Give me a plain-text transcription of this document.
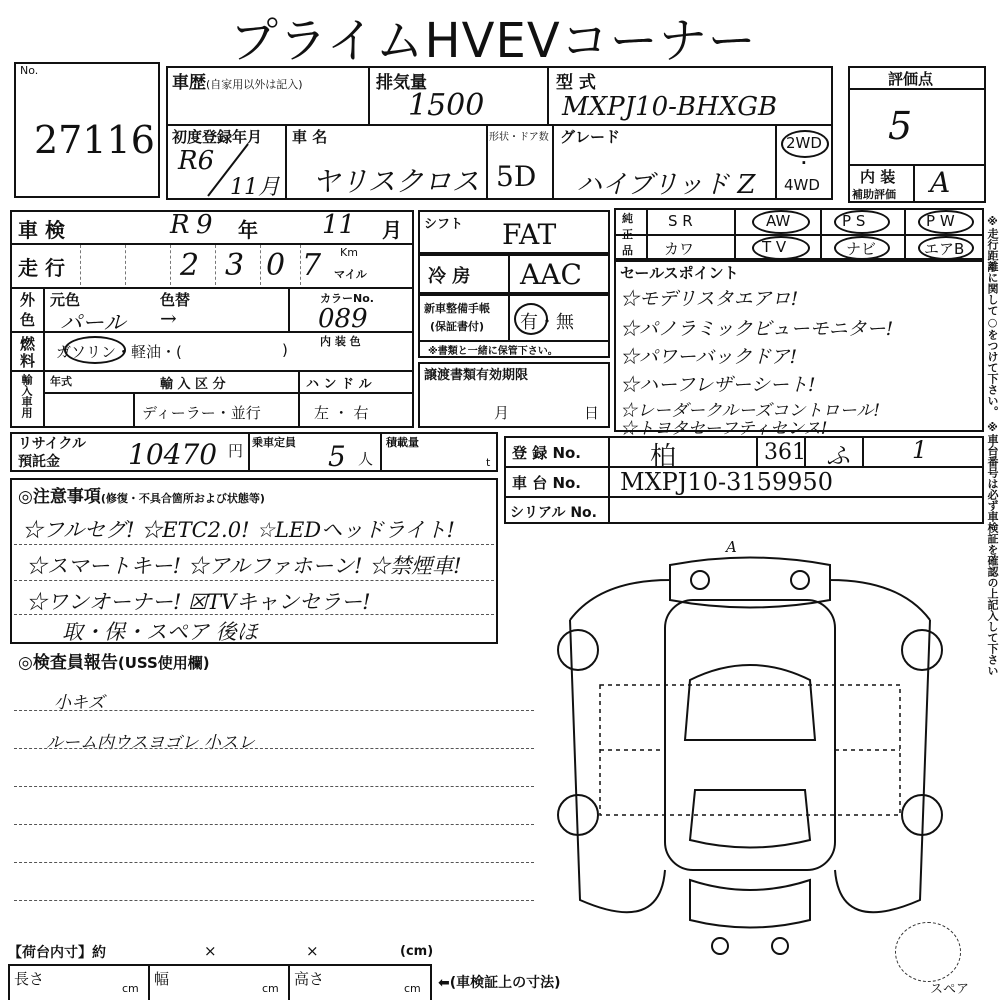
プライムHVEVコーナー
No.
27116
車歴(自家用以外は記入)	排気量
1500
型 式
MXPJ10-BHXGB
初度登録年月
R6
11月
車 名
ヤリスクロス
形状・ドア数
5D
グレード
ハイブリッド Z
2WD
·
4WD
評価点
5
内 装
補助評価 A
車 検	R 9 年 11 月
走 行	2 3 0 7 Km
マイル
外
色
元色	色替
パール →
カラーNo.
089
燃
料 ガソリン・軽油・(	)	内 装 色
輸入車用 年式	輸 入 区 分
ディーラー・並行
ハ ン ド ル
左 ・ 右
シフト FAT
冷 房 AAC
新車整備手帳
(保証書付) 有・無
※書類と一緒に保管下さい。
譲渡書類有効期限
月	日
純
正
品
S R	AW	P S	P W
カワ	T V	ナビ	エアB
セールスポイント
☆モデリスタエアロ!
☆パノラミックビューモニター!
☆パワーバックドア!
☆ハーフレザーシート!
☆レーダークルーズコントロール!
☆トヨタセーフティセンス!
リサイクル
預託金 10470 円 乗車定員 5 人
積載量
t
登 録 No.	柏	361 ふ	1
車 台 No. MXPJ10-3159950
シリアル No.
◎注意事項(修復・不具合箇所および状態等)
☆フルセグ! ☆ETC2.0! ☆LEDヘッドライト!
☆スマートキー! ☆アルファホーン! ☆禁煙車!
☆ワンオーナー! ☒TVキャンセラー!
取・保・スペア 後ほ
◎検査員報告(USS使用欄)
小キズ
ルーム内ウスヨゴレ 小スレ
A
スペア
※走行距離に関して○をつけて下さい。 ※車台番号は必ず車検証を確認の上記入して下さい
【荷台内寸】約	×	×	(cm)
長さ
cm
幅
cm
高さ
cm ⬅(車検証上の寸法)
